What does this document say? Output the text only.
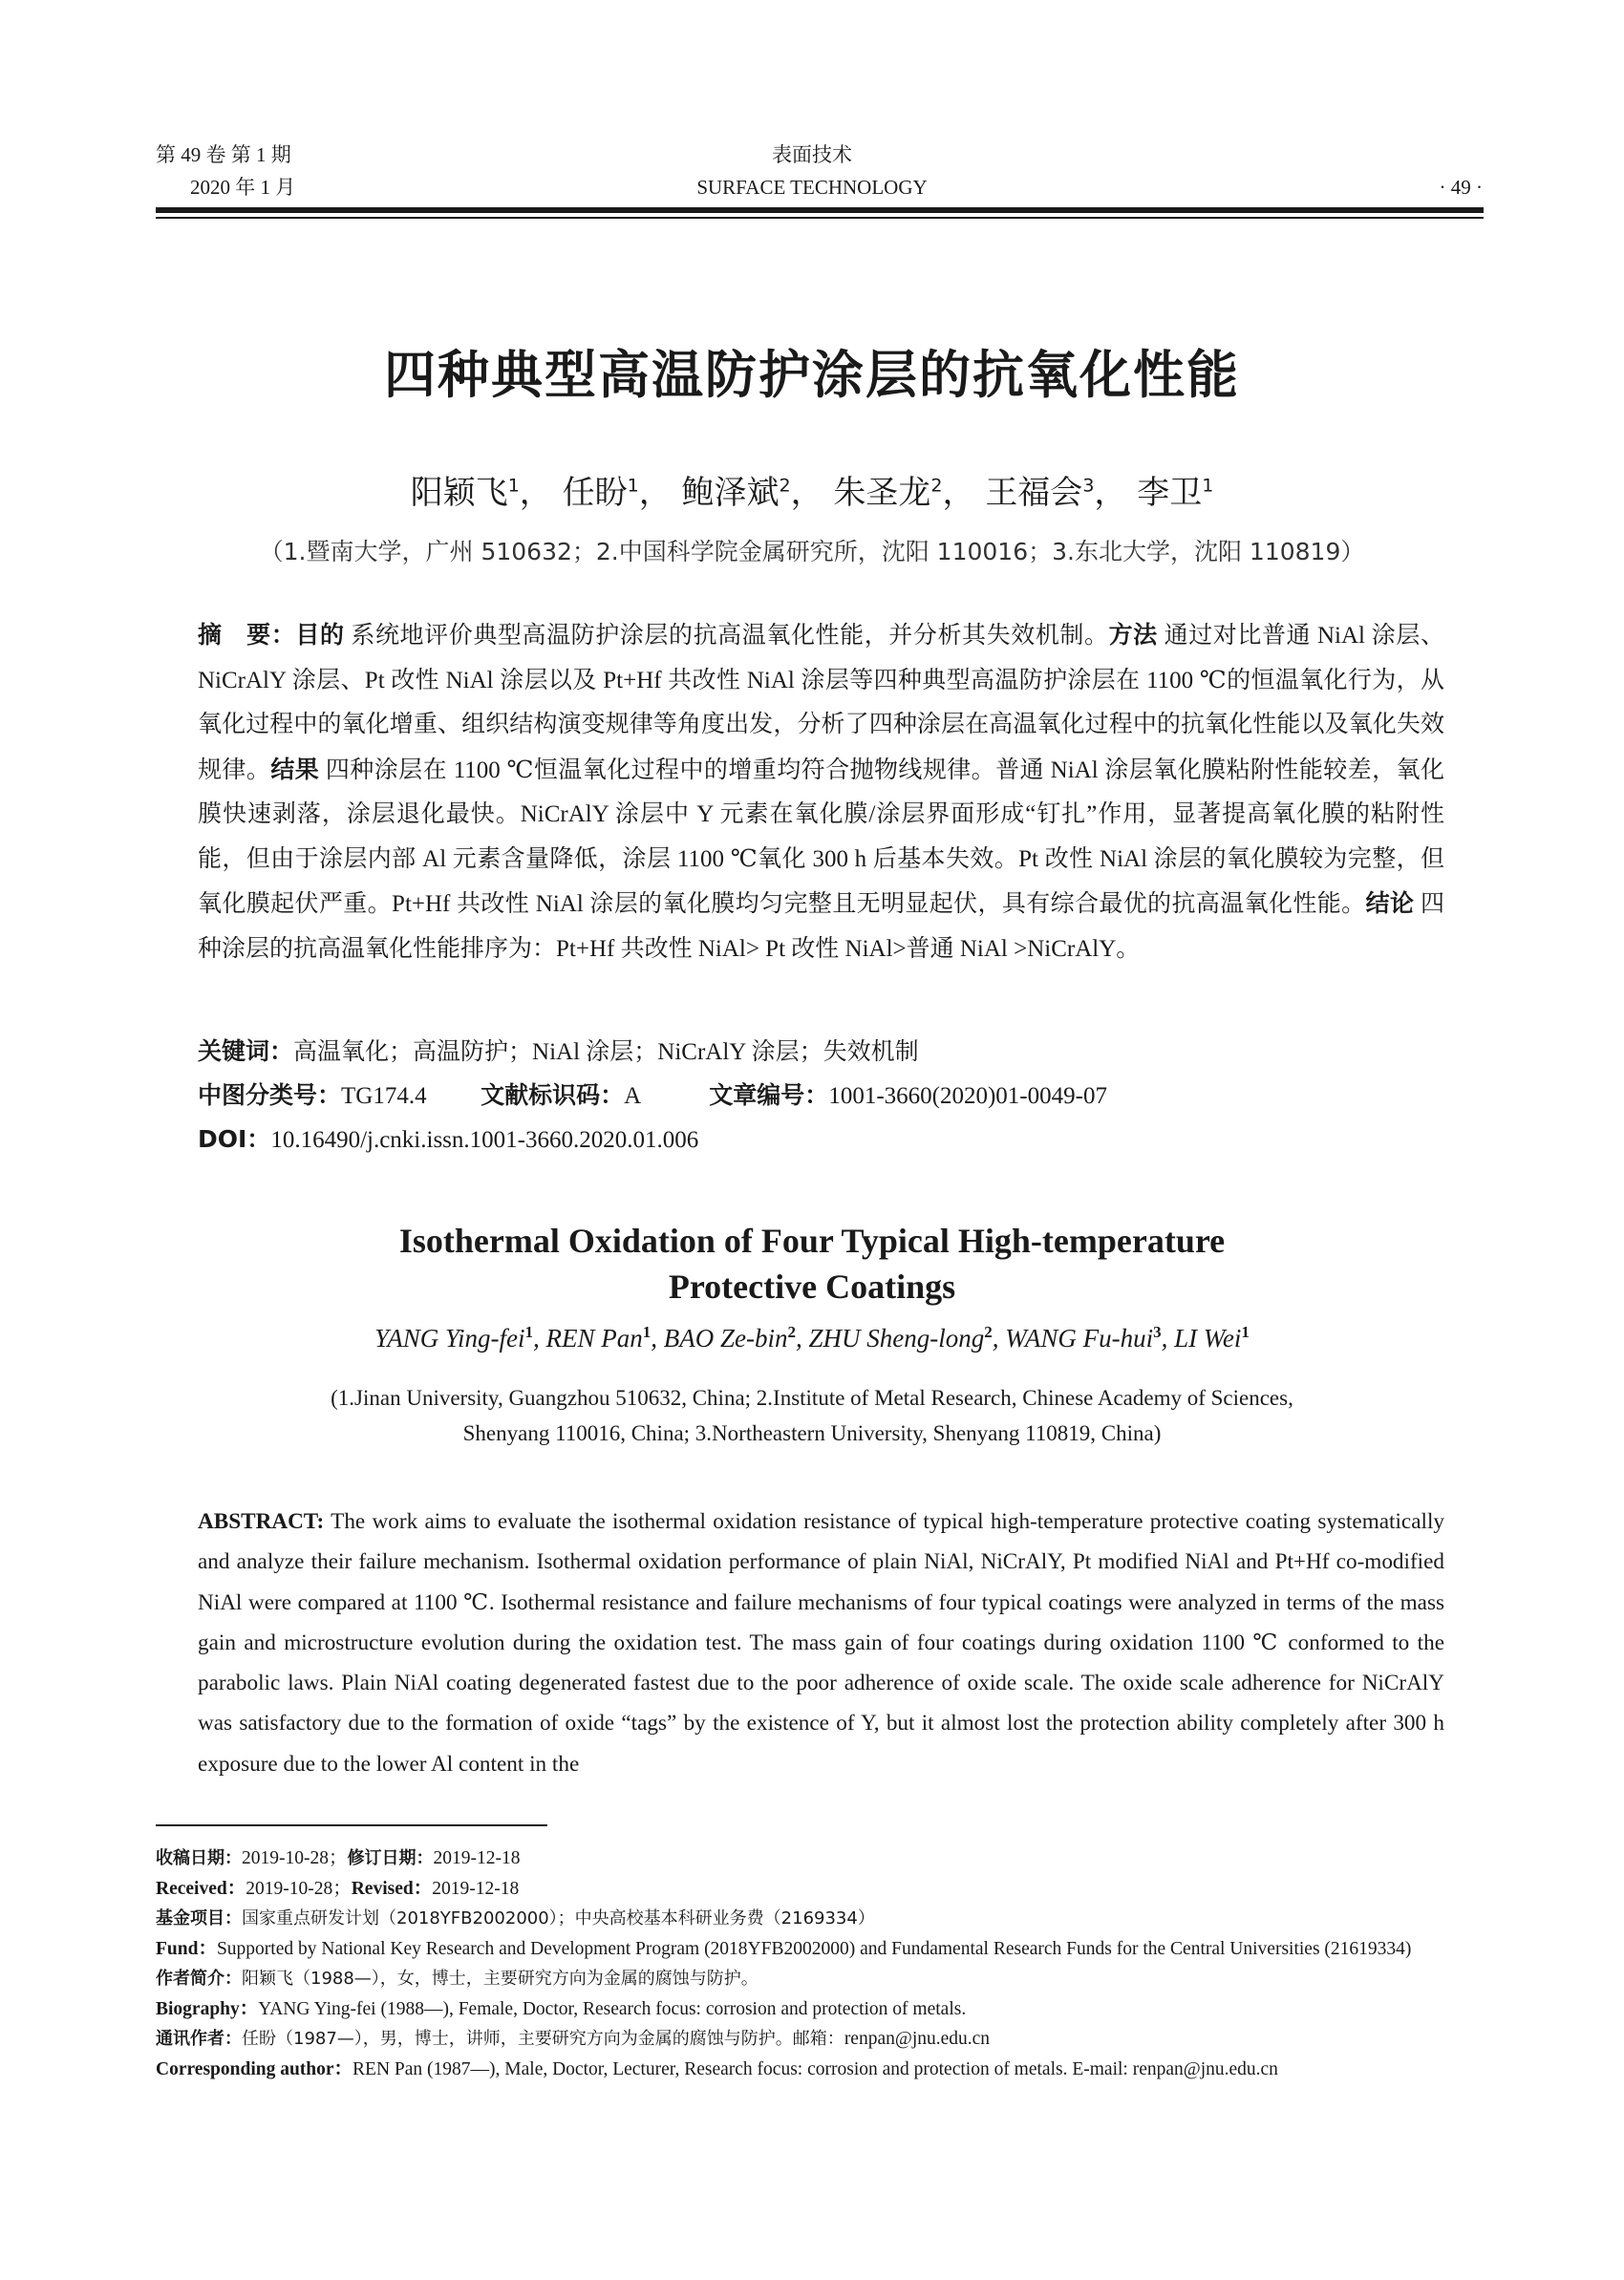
第 49 卷 第 1 期
2020 年 1 月
表面技术
SURFACE TECHNOLOGY	· 49 ·
四种典型高温防护涂层的抗氧化性能
阳颖飞$^1$， 任盼$^1$， 鲍泽斌$^2$， 朱圣龙$^2$， 王福会$^3$， 李卫$^1$
（1.暨南大学，广州 510632；2.中国科学院金属研究所，沈阳 110016；3.东北大学，沈阳 110819）
摘　要：目的 系统地评价典型高温防护涂层的抗高温氧化性能，并分析其失效机制。方法 通过对比普通 NiAl 涂层、NiCrAlY 涂层、Pt 改性 NiAl 涂层以及 Pt+Hf 共改性 NiAl 涂层等四种典型高温防护涂层在 1100 ℃的恒温氧化行为，从氧化过程中的氧化增重、组织结构演变规律等角度出发，分析了四种涂层在高温氧化过程中的抗氧化性能以及氧化失效规律。结果 四种涂层在 1100 ℃恒温氧化过程中的增重均符合抛物线规律。普通 NiAl 涂层氧化膜粘附性能较差，氧化膜快速剥落，涂层退化最快。NiCrAlY 涂层中 Y 元素在氧化膜/涂层界面形成“钉扎”作用，显著提高氧化膜的粘附性能，但由于涂层内部 Al 元素含量降低，涂层 1100 ℃氧化 300 h 后基本失效。Pt 改性 NiAl 涂层的氧化膜较为完整，但氧化膜起伏严重。Pt+Hf 共改性 NiAl 涂层的氧化膜均匀完整且无明显起伏，具有综合最优的抗高温氧化性能。结论 四种涂层的抗高温氧化性能排序为：Pt+Hf 共改性 NiAl> Pt 改性 NiAl>普通 NiAl >NiCrAlY。
关键词：高温氧化；高温防护；NiAl 涂层；NiCrAlY 涂层；失效机制
中图分类号：TG174.4 文献标识码：A	文章编号：1001-3660(2020)01-0049-07
DOI：10.16490/j.cnki.issn.1001-3660.2020.01.006
Isothermal Oxidation of Four Typical High-temperature
Protective Coatings
YANG Ying-fei$^1$, REN Pan$^1$, BAO Ze-bin$^2$, ZHU Sheng-long$^2$, WANG Fu-hui$^3$, LI Wei$^1$
(1.Jinan University, Guangzhou 510632, China; 2.Institute of Metal Research, Chinese Academy of Sciences,
Shenyang 110016, China; 3.Northeastern University, Shenyang 110819, China)
ABSTRACT: The work aims to evaluate the isothermal oxidation resistance of typical high-temperature protective coating systematically and analyze their failure mechanism. Isothermal oxidation performance of plain NiAl, NiCrAlY, Pt modified NiAl and Pt+Hf co-modified NiAl were compared at 1100 ℃. Isothermal resistance and failure mechanisms of four typical coatings were analyzed in terms of the mass gain and microstructure evolution during the oxidation test. The mass gain of four coatings during oxidation 1100 ℃ conformed to the parabolic laws. Plain NiAl coating degenerated fastest due to the poor adherence of oxide scale. The oxide scale adherence for NiCrAlY was satisfactory due to the formation of oxide “tags” by the existence of Y, but it almost lost the protection ability completely after 300 h exposure due to the lower Al content in the
收稿日期：2019-10-28；修订日期：2019-12-18
Received：2019-10-28；Revised：2019-12-18
基金项目：国家重点研发计划（2018YFB2002000）；中央高校基本科研业务费（2169334）
Fund：Supported by National Key Research and Development Program (2018YFB2002000) and Fundamental Research Funds for the Central Universities (21619334)
作者简介：阳颖飞（1988—），女，博士，主要研究方向为金属的腐蚀与防护。
Biography：YANG Ying-fei (1988—), Female, Doctor, Research focus: corrosion and protection of metals.
通讯作者：任盼（1987—），男，博士，讲师，主要研究方向为金属的腐蚀与防护。邮箱：renpan@jnu.edu.cn
Corresponding author：REN Pan (1987—), Male, Doctor, Lecturer, Research focus: corrosion and protection of metals. E-mail: renpan@jnu.edu.cn
